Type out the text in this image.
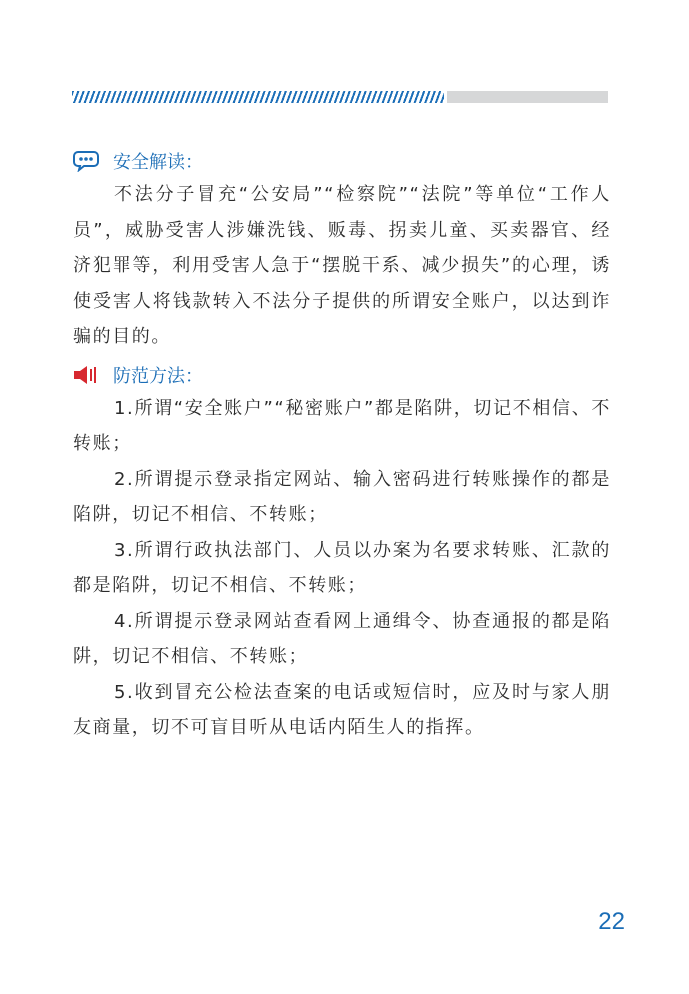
安全解读：

不法分子冒充“公安局”“检察院”“法院”等单位“工作人员”，威胁受害人涉嫌洗钱、贩毒、拐卖儿童、买卖器官、经济犯罪等，利用受害人急于“摆脱干系、减少损失”的心理，诱使受害人将钱款转入不法分子提供的所谓安全账户，以达到诈骗的目的。

防范方法：

1.所谓“安全账户”“秘密账户”都是陷阱，切记不相信、不转账；

2.所谓提示登录指定网站、输入密码进行转账操作的都是陷阱，切记不相信、不转账；

3.所谓行政执法部门、人员以办案为名要求转账、汇款的都是陷阱，切记不相信、不转账；

4.所谓提示登录网站查看网上通缉令、协查通报的都是陷阱，切记不相信、不转账；

5.收到冒充公检法查案的电话或短信时，应及时与家人朋友商量，切不可盲目听从电话内陌生人的指挥。

22
